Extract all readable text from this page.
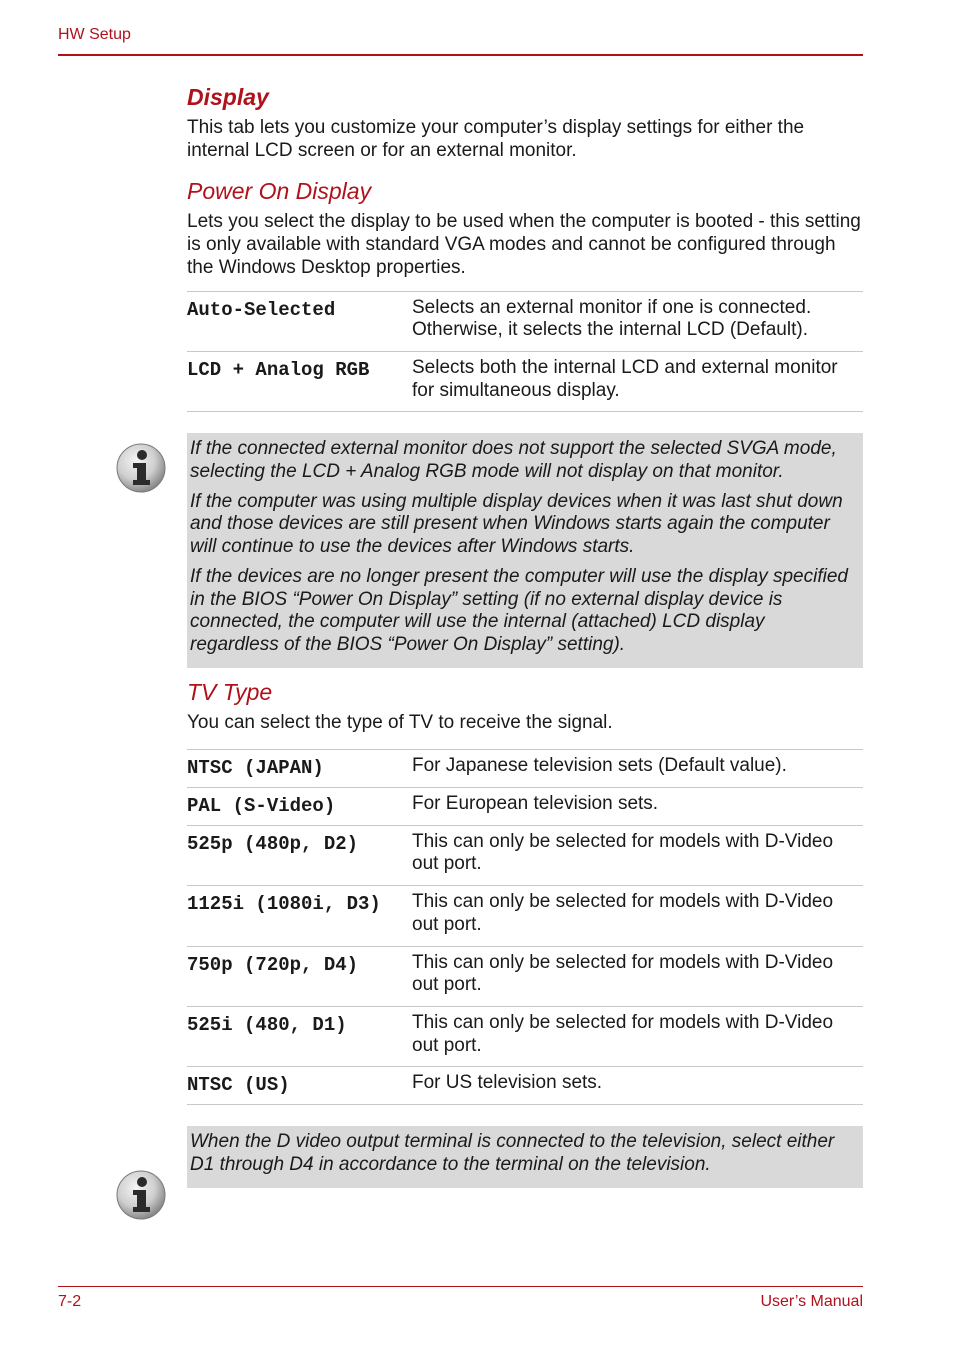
HW Setup
Display

This tab lets you customize your computer’s display settings for either the internal LCD screen or for an external monitor.

Power On Display

Lets you select the display to be used when the computer is booted - this setting is only available with standard VGA modes and cannot be configured through the Windows Desktop properties.

Auto-Selected	Selects an external monitor if one is connected. Otherwise, it selects the internal LCD (Default).
LCD + Analog RGB	Selects both the internal LCD and external monitor for simultaneous display.

If the connected external monitor does not support the selected SVGA mode, selecting the LCD + Analog RGB mode will not display on that monitor.

If the computer was using multiple display devices when it was last shut down and those devices are still present when Windows starts again the computer will continue to use the devices after Windows starts.

If the devices are no longer present the computer will use the display specified in the BIOS “Power On Display” setting (if no external display device is connected, the computer will use the internal (attached) LCD display regardless of the BIOS “Power On Display” setting).

TV Type

You can select the type of TV to receive the signal.

NTSC (JAPAN)	For Japanese television sets (Default value).
PAL (S-Video)	For European television sets.
525p (480p, D2)	This can only be selected for models with D-Video out port.
1125i (1080i, D3)	This can only be selected for models with D-Video out port.
750p (720p, D4)	This can only be selected for models with D-Video out port.
525i (480, D1)	This can only be selected for models with D-Video out port.
NTSC (US)	For US television sets.

When the D video output terminal is connected to the television, select either D1 through D4 in accordance to the terminal on the television.

7-2	User’s Manual
